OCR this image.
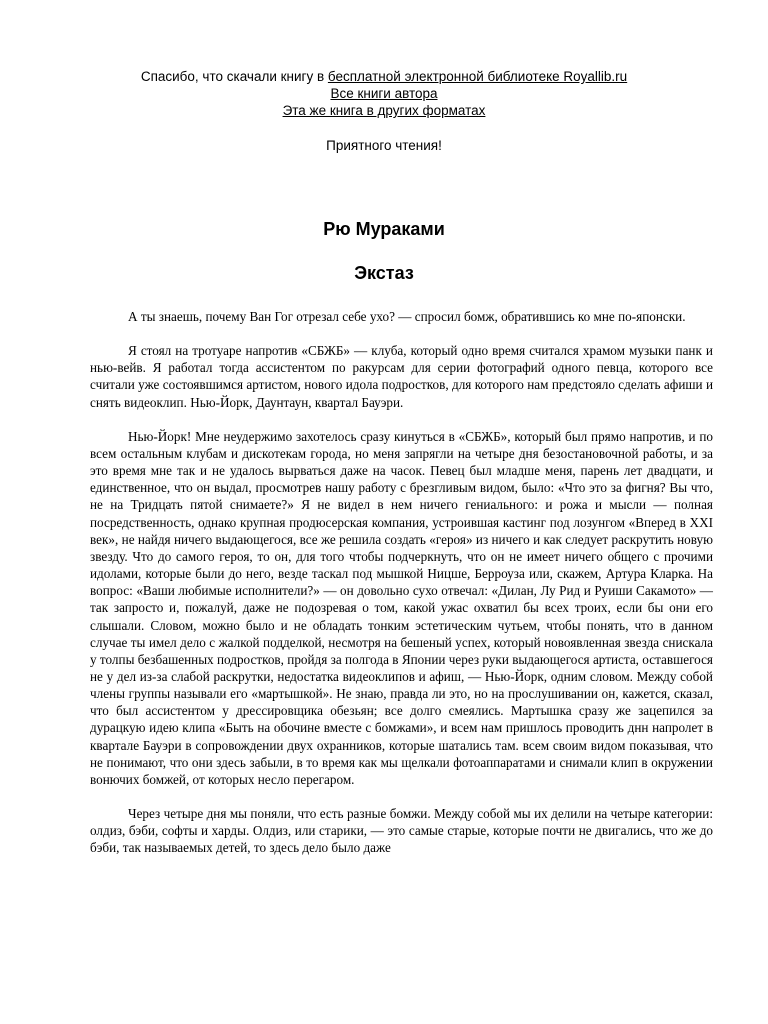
Спасибо, что скачали книгу в бесплатной электронной библиотеке Royallib.ru
Все книги автора
Эта же книга в других форматах
Приятного чтения!
Рю Мураками
Экстаз

А ты знаешь, почему Ван Гог отрезал себе ухо? — спросил бомж, обратившись ко мне по-японски.

Я стоял на тротуаре напротив «СБЖБ» — клуба, который одно время считался храмом музыки панк и нью-вейв. Я работал тогда ассистентом по ракурсам для серии фотографий одного певца, которого все считали уже состоявшимся артистом, нового идола подростков, для которого нам предстояло сделать афиши и снять видеоклип. Нью-Йорк, Даунтаун, квартал Бауэри.

Нью-Йорк! Мне неудержимо захотелось сразу кинуться в «СБЖБ», который был прямо напротив, и по всем остальным клубам и дискотекам города, но меня запрягли на четыре дня безостановочной работы, и за это время мне так и не удалось вырваться даже на часок. Певец был младше меня, парень лет двадцати, и единственное, что он выдал, просмотрев нашу работу с брезгливым видом, было: «Что это за фигня? Вы что, не на Тридцать пятой снимаете?» Я не видел в нем ничего гениального: и рожа и мысли — полная посредственность, однако крупная продюсерская компания, устроившая кастинг под лозунгом «Вперед в XXI век», не найдя ничего выдающегося, все же решила создать «героя» из ничего и как следует раскрутить новую звезду. Что до самого героя, то он, для того чтобы подчеркнуть, что он не имеет ничего общего с прочими идолами, которые были до него, везде таскал под мышкой Ницше, Берроуза или, скажем, Артура Кларка. На вопрос: «Ваши любимые исполнители?» — он довольно сухо отвечал: «Дилан, Лу Рид и Руиши Сакамото» — так запросто и, пожалуй, даже не подозревая о том, какой ужас охватил бы всех троих, если бы они его слышали. Словом, можно было и не обладать тонким эстетическим чутьем, чтобы понять, что в данном случае ты имел дело с жалкой подделкой, несмотря на бешеный успех, который новоявленная звезда снискала у толпы безбашенных подростков, пройдя за полгода в Японии через руки выдающегося артиста, оставшегося не у дел из-за слабой раскрутки, недостатка видеоклипов и афиш, — Нью-Йорк, одним словом. Между собой члены группы называли его «мартышкой». Не знаю, правда ли это, но на прослушивании он, кажется, сказал, что был ассистентом у дрессировщика обезьян; все долго смеялись. Мартышка сразу же зацепился за дурацкую идею клипа «Быть на обочине вместе с бомжами», и всем нам пришлось проводить днн напролет в квартале Бауэри в сопровождении двух охранников, которые шатались там. всем своим видом показывая, что не понимают, что они здесь забыли, в то время как мы щелкали фотоаппаратами и снимали клип в окружении вонючих бомжей, от которых несло перегаром.

Через четыре дня мы поняли, что есть разные бомжи. Между собой мы их делили на четыре категории: олдиз, бэби, софты и харды. Олдиз, или старики, — это самые старые, которые почти не двигались, что же до бэби, так называемых детей, то здесь дело было даже
